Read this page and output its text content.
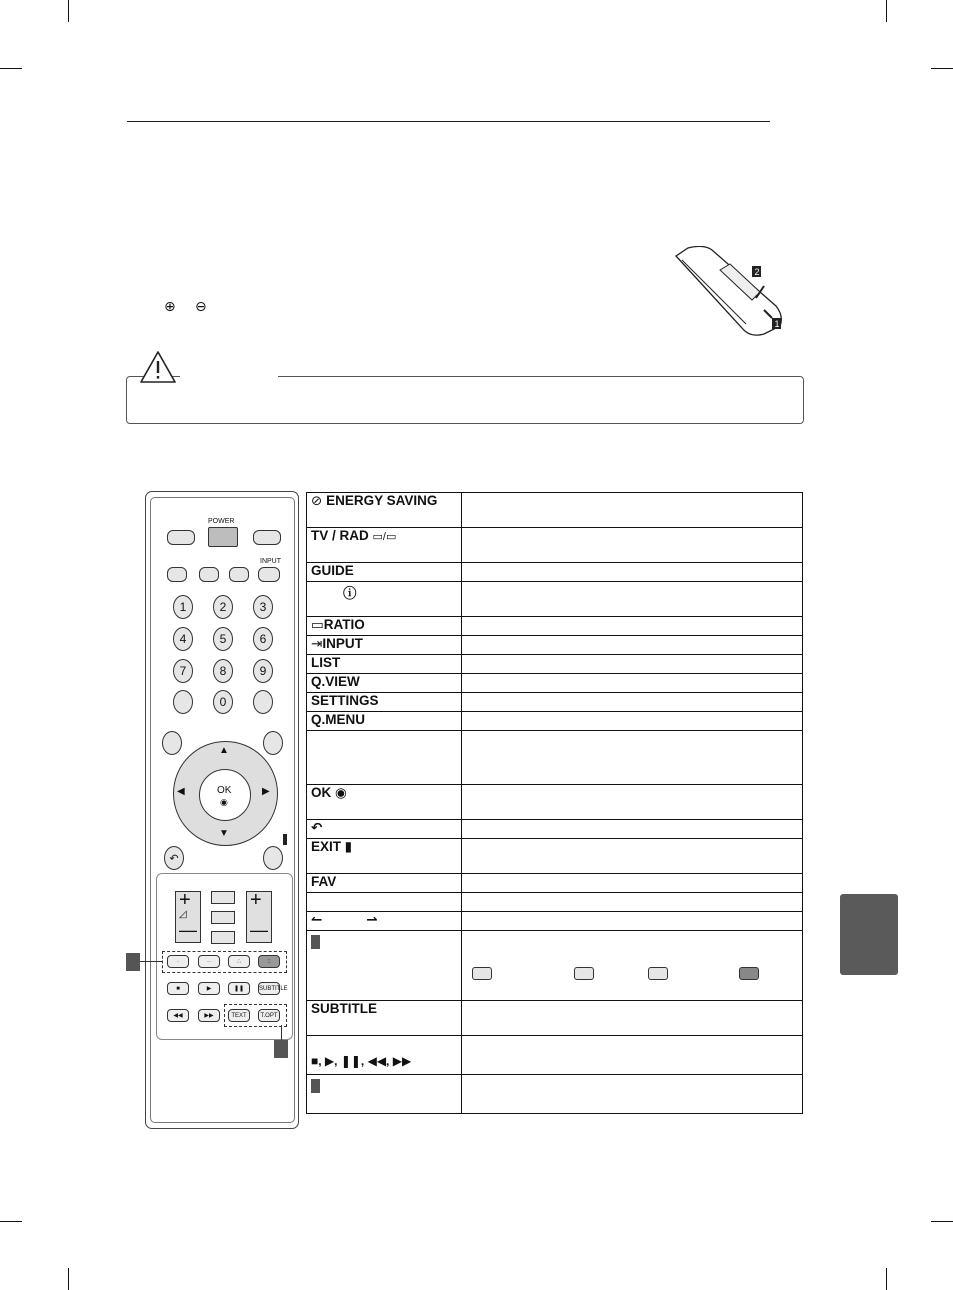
⊕ ⊖
2
1
POWER
INPUT
1	2	3
4	5	6
7	8	9
0
▲
▼
◀	▶
OK
◉
↶
+
—
◿
+
—
·	··	∴	::
■	▶	❚❚	SUBTITLE
◀◀	▶▶	TEXT	T.OPT
⊘ ENERGY SAVING	
TV / RAD ▭/▭	
GUIDE	
ⓘ	
▭RATIO	
⇥INPUT	
LIST	
Q.VIEW	
SETTINGS	
Q.MENU	

OK ◉	
↶	
EXIT ▮	
FAV	

↼ ⇀	

SUBTITLE	

■, ▶, ❚❚, ◀◀, ▶▶	
